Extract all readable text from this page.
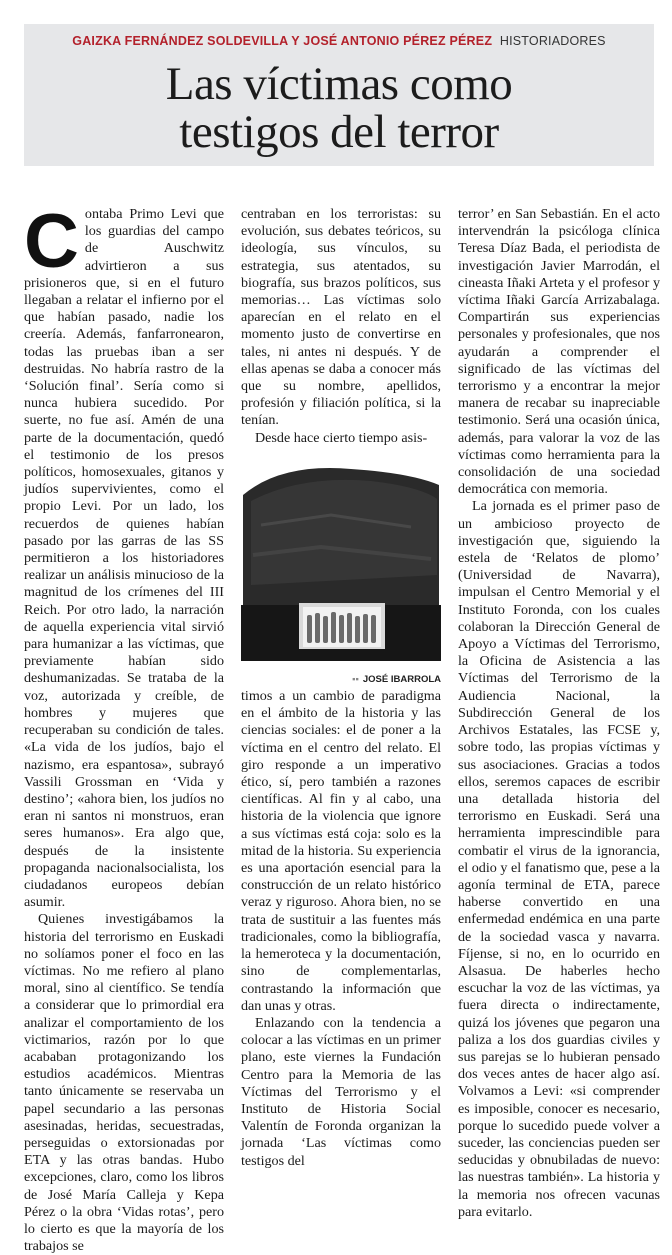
GAIZKA FERNÁNDEZ SOLDEVILLA Y JOSÉ ANTONIO PÉREZ PÉREZ HISTORIADORES
Las víctimas como
testigos del terror

Contaba Primo Levi que los guardias del campo de Auschwitz advirtieron a sus prisioneros que, si en el futuro llegaban a relatar el infierno por el que habían pasado, nadie los creería. Además, fanfarronearon, todas las pruebas iban a ser destruidas. No habría rastro de la ‘Solución final’. Sería como si nunca hubiera sucedido. Por suerte, no fue así. Amén de una parte de la documentación, quedó el testimonio de los presos políticos, homosexuales, gitanos y judíos supervivientes, como el propio Levi. Por un lado, los recuerdos de quienes habían pasado por las garras de las SS permitieron a los historiadores realizar un análisis minucioso de la magnitud de los crímenes del III Reich. Por otro lado, la narración de aquella experiencia vital sirvió para humanizar a las víctimas, que previamente habían sido deshumanizadas. Se trataba de la voz, autorizada y creíble, de hombres y mujeres que recuperaban su condición de tales. «La vida de los judíos, bajo el nazismo, era espantosa», subrayó Vassili Grossman en ‘Vida y destino’; «ahora bien, los judíos no eran ni santos ni monstruos, eran seres humanos». Era algo que, después de la insistente propaganda nacionalsocialista, los ciudadanos europeos debían asumir.

Quienes investigábamos la historia del terrorismo en Euskadi no solíamos poner el foco en las víctimas. No me refiero al plano moral, sino al científico. Se tendía a considerar que lo primordial era analizar el comportamiento de los victimarios, razón por lo que acababan protagonizando los estudios académicos. Mientras tanto únicamente se reservaba un papel secundario a las personas asesinadas, heridas, secuestradas, perseguidas o extorsionadas por ETA y las otras bandas. Hubo excepciones, claro, como los libros de José María Calleja y Kepa Pérez o la obra ‘Vidas rotas’, pero lo cierto es que la mayoría de los trabajos se

centraban en los terroristas: su evolución, sus debates teóricos, su ideología, sus vínculos, su estrategia, sus atentados, su biografía, sus brazos políticos, sus memorias… Las víctimas solo aparecían en el relato en el momento justo de convertirse en tales, ni antes ni después. Y de ellas apenas se daba a conocer más que su nombre, apellidos, profesión y filiación política, si la tenían.

Desde hace cierto tiempo asis-

▪▪ JOSÉ IBARROLA

timos a un cambio de paradigma en el ámbito de la historia y las ciencias sociales: el de poner a la víctima en el centro del relato. El giro responde a un imperativo ético, sí, pero también a razones científicas. Al fin y al cabo, una historia de la violencia que ignore a sus víctimas está coja: solo es la mitad de la historia. Su experiencia es una aportación esencial para la construcción de un relato histórico veraz y riguroso. Ahora bien, no se trata de sustituir a las fuentes más tradicionales, como la bibliografía, la hemeroteca y la documentación, sino de complementarlas, contrastando la información que dan unas y otras.

Enlazando con la tendencia a colocar a las víctimas en un primer plano, este viernes la Fundación Centro para la Memoria de las Víctimas del Terrorismo y el Instituto de Historia Social Valentín de Foronda organizan la jornada ‘Las víctimas como testigos del

terror’ en San Sebastián. En el acto intervendrán la psicóloga clínica Teresa Díaz Bada, el periodista de investigación Javier Marrodán, el cineasta Iñaki Arteta y el profesor y víctima Iñaki García Arrizabalaga. Compartirán sus experiencias personales y profesionales, que nos ayudarán a comprender el significado de las víctimas del terrorismo y a encontrar la mejor manera de recabar su inapreciable testimonio. Será una ocasión única, además, para valorar la voz de las víctimas como herramienta para la consolidación de una sociedad democrática con memoria.

La jornada es el primer paso de un ambicioso proyecto de investigación que, siguiendo la estela de ‘Relatos de plomo’ (Universidad de Navarra), impulsan el Centro Memorial y el Instituto Foronda, con los cuales colaboran la Dirección General de Apoyo a Víctimas del Terrorismo, la Oficina de Asistencia a las Víctimas del Terrorismo de la Audiencia Nacional, la Subdirección General de los Archivos Estatales, las FCSE y, sobre todo, las propias víctimas y sus asociaciones. Gracias a todos ellos, seremos capaces de escribir una detallada historia del terrorismo en Euskadi. Será una herramienta imprescindible para combatir el virus de la ignorancia, el odio y el fanatismo que, pese a la agonía terminal de ETA, parece haberse convertido en una enfermedad endémica en una parte de la sociedad vasca y navarra. Fíjense, si no, en lo ocurrido en Alsasua. De haberles hecho escuchar la voz de las víctimas, ya fuera directa o indirectamente, quizá los jóvenes que pegaron una paliza a los dos guardias civiles y sus parejas se lo hubieran pensado dos veces antes de hacer algo así. Volvamos a Levi: «si comprender es imposible, conocer es necesario, porque lo sucedido puede volver a suceder, las conciencias pueden ser seducidas y obnubiladas de nuevo: las nuestras también». La historia y la memoria nos ofrecen vacunas para evitarlo.
